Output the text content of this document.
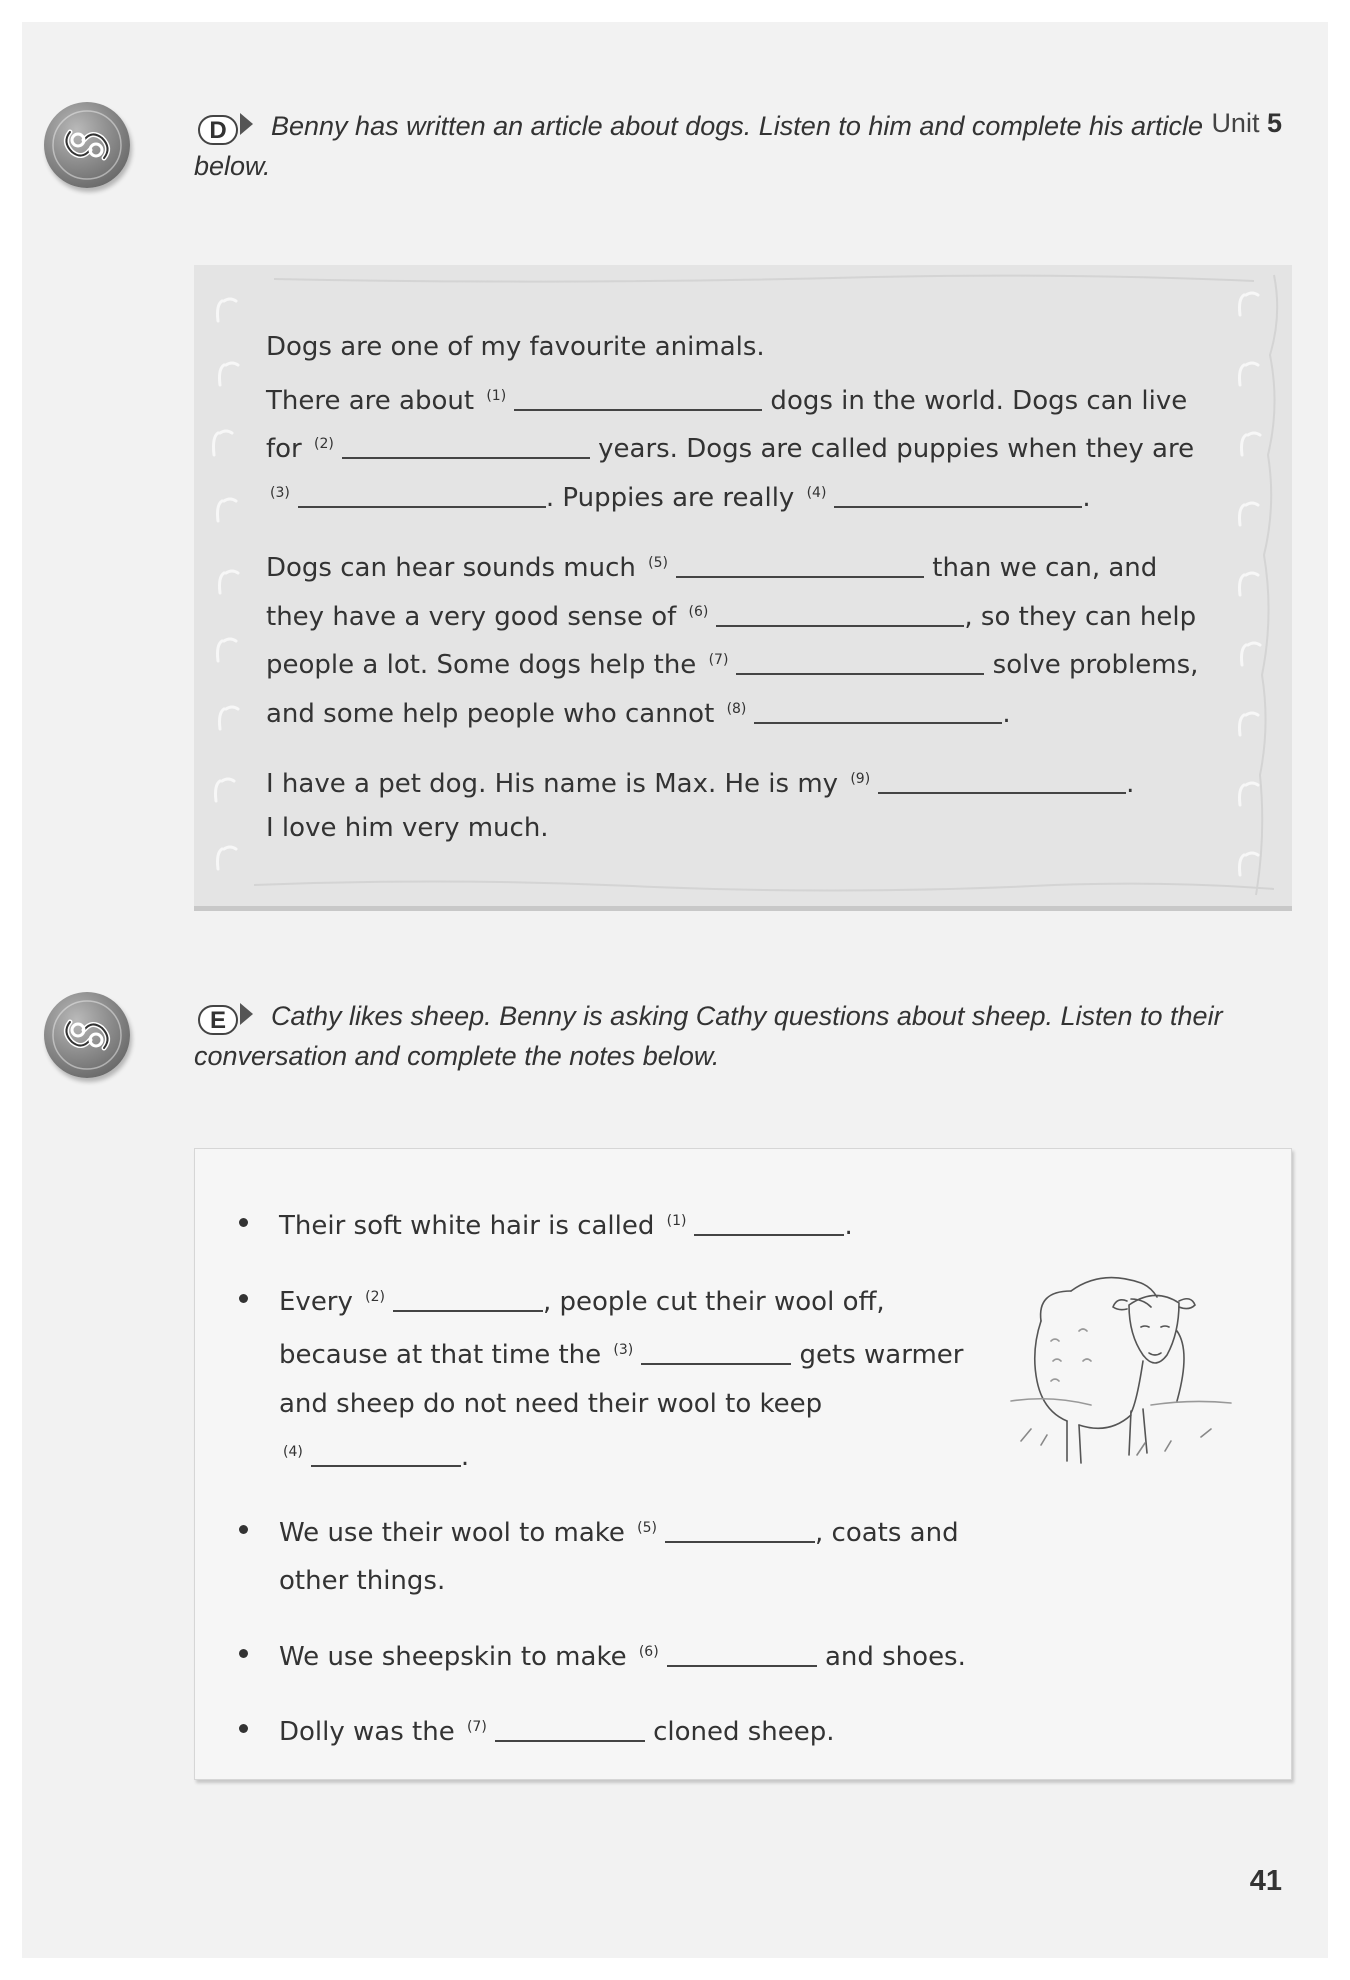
Unit 5
D Benny has written an article about dogs. Listen to him and complete his article below.
Dogs are one of my favourite animals.
There are about $^{(1)}$	dogs in the world. Dogs can live
for $^{(2)}$	years. Dogs are called puppies when they are
$^{(3)}$	. Puppies are really $^{(4)}$	.
Dogs can hear sounds much $^{(5)}$	than we can, and
they have a very good sense of $^{(6)}$	, so they can help
people a lot. Some dogs help the $^{(7)}$	solve problems,
and some help people who cannot $^{(8)}$	.
I have a pet dog. His name is Max. He is my $^{(9)}$	.
I love him very much.
E Cathy likes sheep. Benny is asking Cathy questions about sheep. Listen to their conversation and complete the notes below.
Their soft white hair is called $^{(1)}$	.
Every $^{(2)}$	, people cut their wool off,
because at that time the $^{(3)}$	gets warmer
and sheep do not need their wool to keep
$^{(4)}$	.
We use their wool to make $^{(5)}$	, coats and
other things.
We use sheepskin to make $^{(6)}$	and shoes.
Dolly was the $^{(7)}$	cloned sheep.
41
